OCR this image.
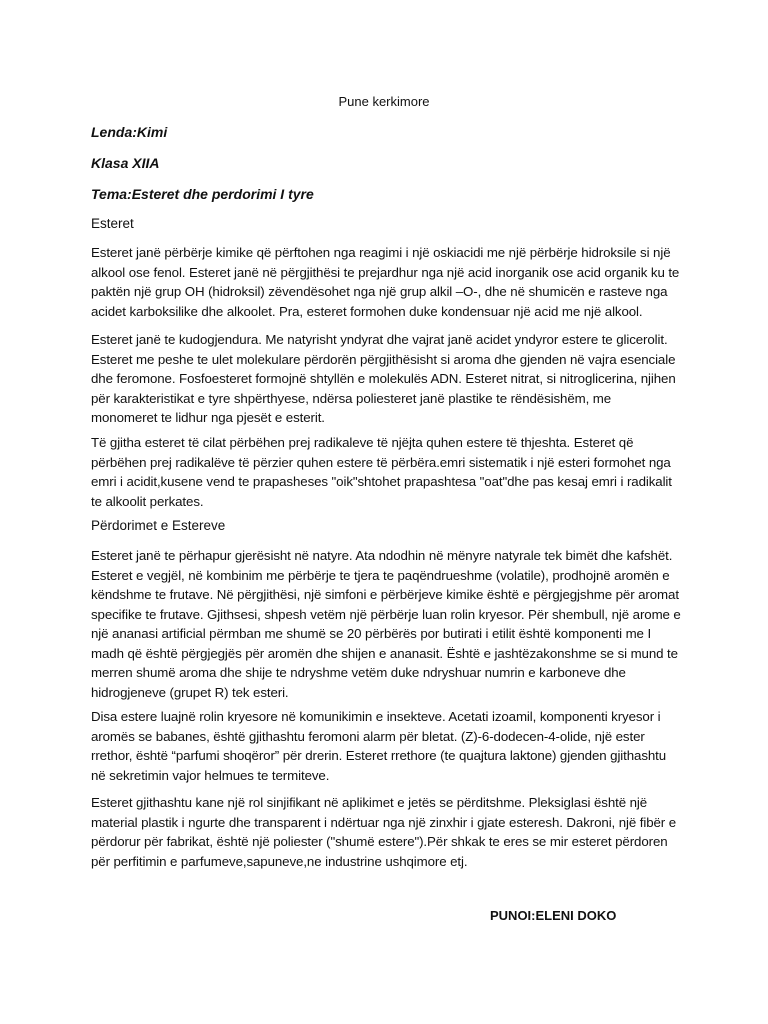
Pune kerkimore
Lenda:Kimi
Klasa XIIA
Tema:Esteret dhe perdorimi I tyre
Esteret

Esteret janë përbërje kimike që përftohen nga reagimi i një oskiacidi me një përbërje hidroksile si një alkool ose fenol. Esteret janë në përgjithësi te prejardhur nga një acid inorganik ose acid organik ku te paktën një grup OH (hidroksil) zëvendësohet nga një grup alkil –O-, dhe në shumicën e rasteve nga acidet karboksilike dhe alkoolet. Pra, esteret formohen duke kondensuar një acid me një alkool.

Esteret janë te kudogjendura. Me natyrisht yndyrat dhe vajrat janë acidet yndyror estere te glicerolit. Esteret me peshe te ulet molekulare përdorën përgjithësisht si aroma dhe gjenden në vajra esenciale dhe feromone. Fosfoesteret formojnë shtyllën e molekulës ADN. Esteret nitrat, si nitroglicerina, njihen për karakteristikat e tyre shpërthyese, ndërsa poliesteret janë plastike te rëndësishëm, me monomeret te lidhur nga pjesët e esterit.

Të gjitha esteret të cilat përbëhen prej radikaleve të njëjta quhen estere të thjeshta. Esteret që përbëhen prej radikalëve të përzier quhen estere të përbëra.emri sistematik i një esteri formohet nga emri i acidit,kusene vend te prapasheses "oik"shtohet prapashtesa "oat"dhe pas kesaj emri i radikalit te alkoolit perkates.

Përdorimet e Estereve

Esteret janë te përhapur gjerësisht në natyre. Ata ndodhin në mënyre natyrale tek bimët dhe kafshët. Esteret e vegjël, në kombinim me përbërje te tjera te paqëndrueshme (volatile), prodhojnë aromën e këndshme te frutave. Në përgjithësi, një simfoni e përbërjeve kimike është e përgjegjshme për aromat specifike te frutave. Gjithsesi, shpesh vetëm një përbërje luan rolin kryesor. Për shembull, një arome e një ananasi artificial përmban me shumë se 20 përbërës por butirati i etilit është komponenti me I madh që është përgjegjës për aromën dhe shijen e ananasit. Është e jashtëzakonshme se si mund te merren shumë aroma dhe shije te ndryshme vetëm duke ndryshuar numrin e karboneve dhe hidrogjeneve (grupet R) tek esteri.

Disa estere luajnë rolin kryesore në komunikimin e insekteve. Acetati izoamil, komponenti kryesor i aromës se babanes, është gjithashtu feromoni alarm për bletat. (Z)-6-dodecen-4-olide, një ester rrethor, është “parfumi shoqëror” për drerin. Esteret rrethore (te quajtura laktone) gjenden gjithashtu në sekretimin vajor helmues te termiteve.

Esteret gjithashtu kane një rol sinjifikant në aplikimet e jetës se përditshme. Pleksiglasi është një material plastik i ngurte dhe transparent i ndërtuar nga një zinxhir i gjate esteresh. Dakroni, një fibër e përdorur për fabrikat, është një poliester ("shumë estere").Për shkak te eres se mir esteret përdoren për perfitimin e parfumeve,sapuneve,ne industrine ushqimore etj.

PUNOI:ELENI DOKO
